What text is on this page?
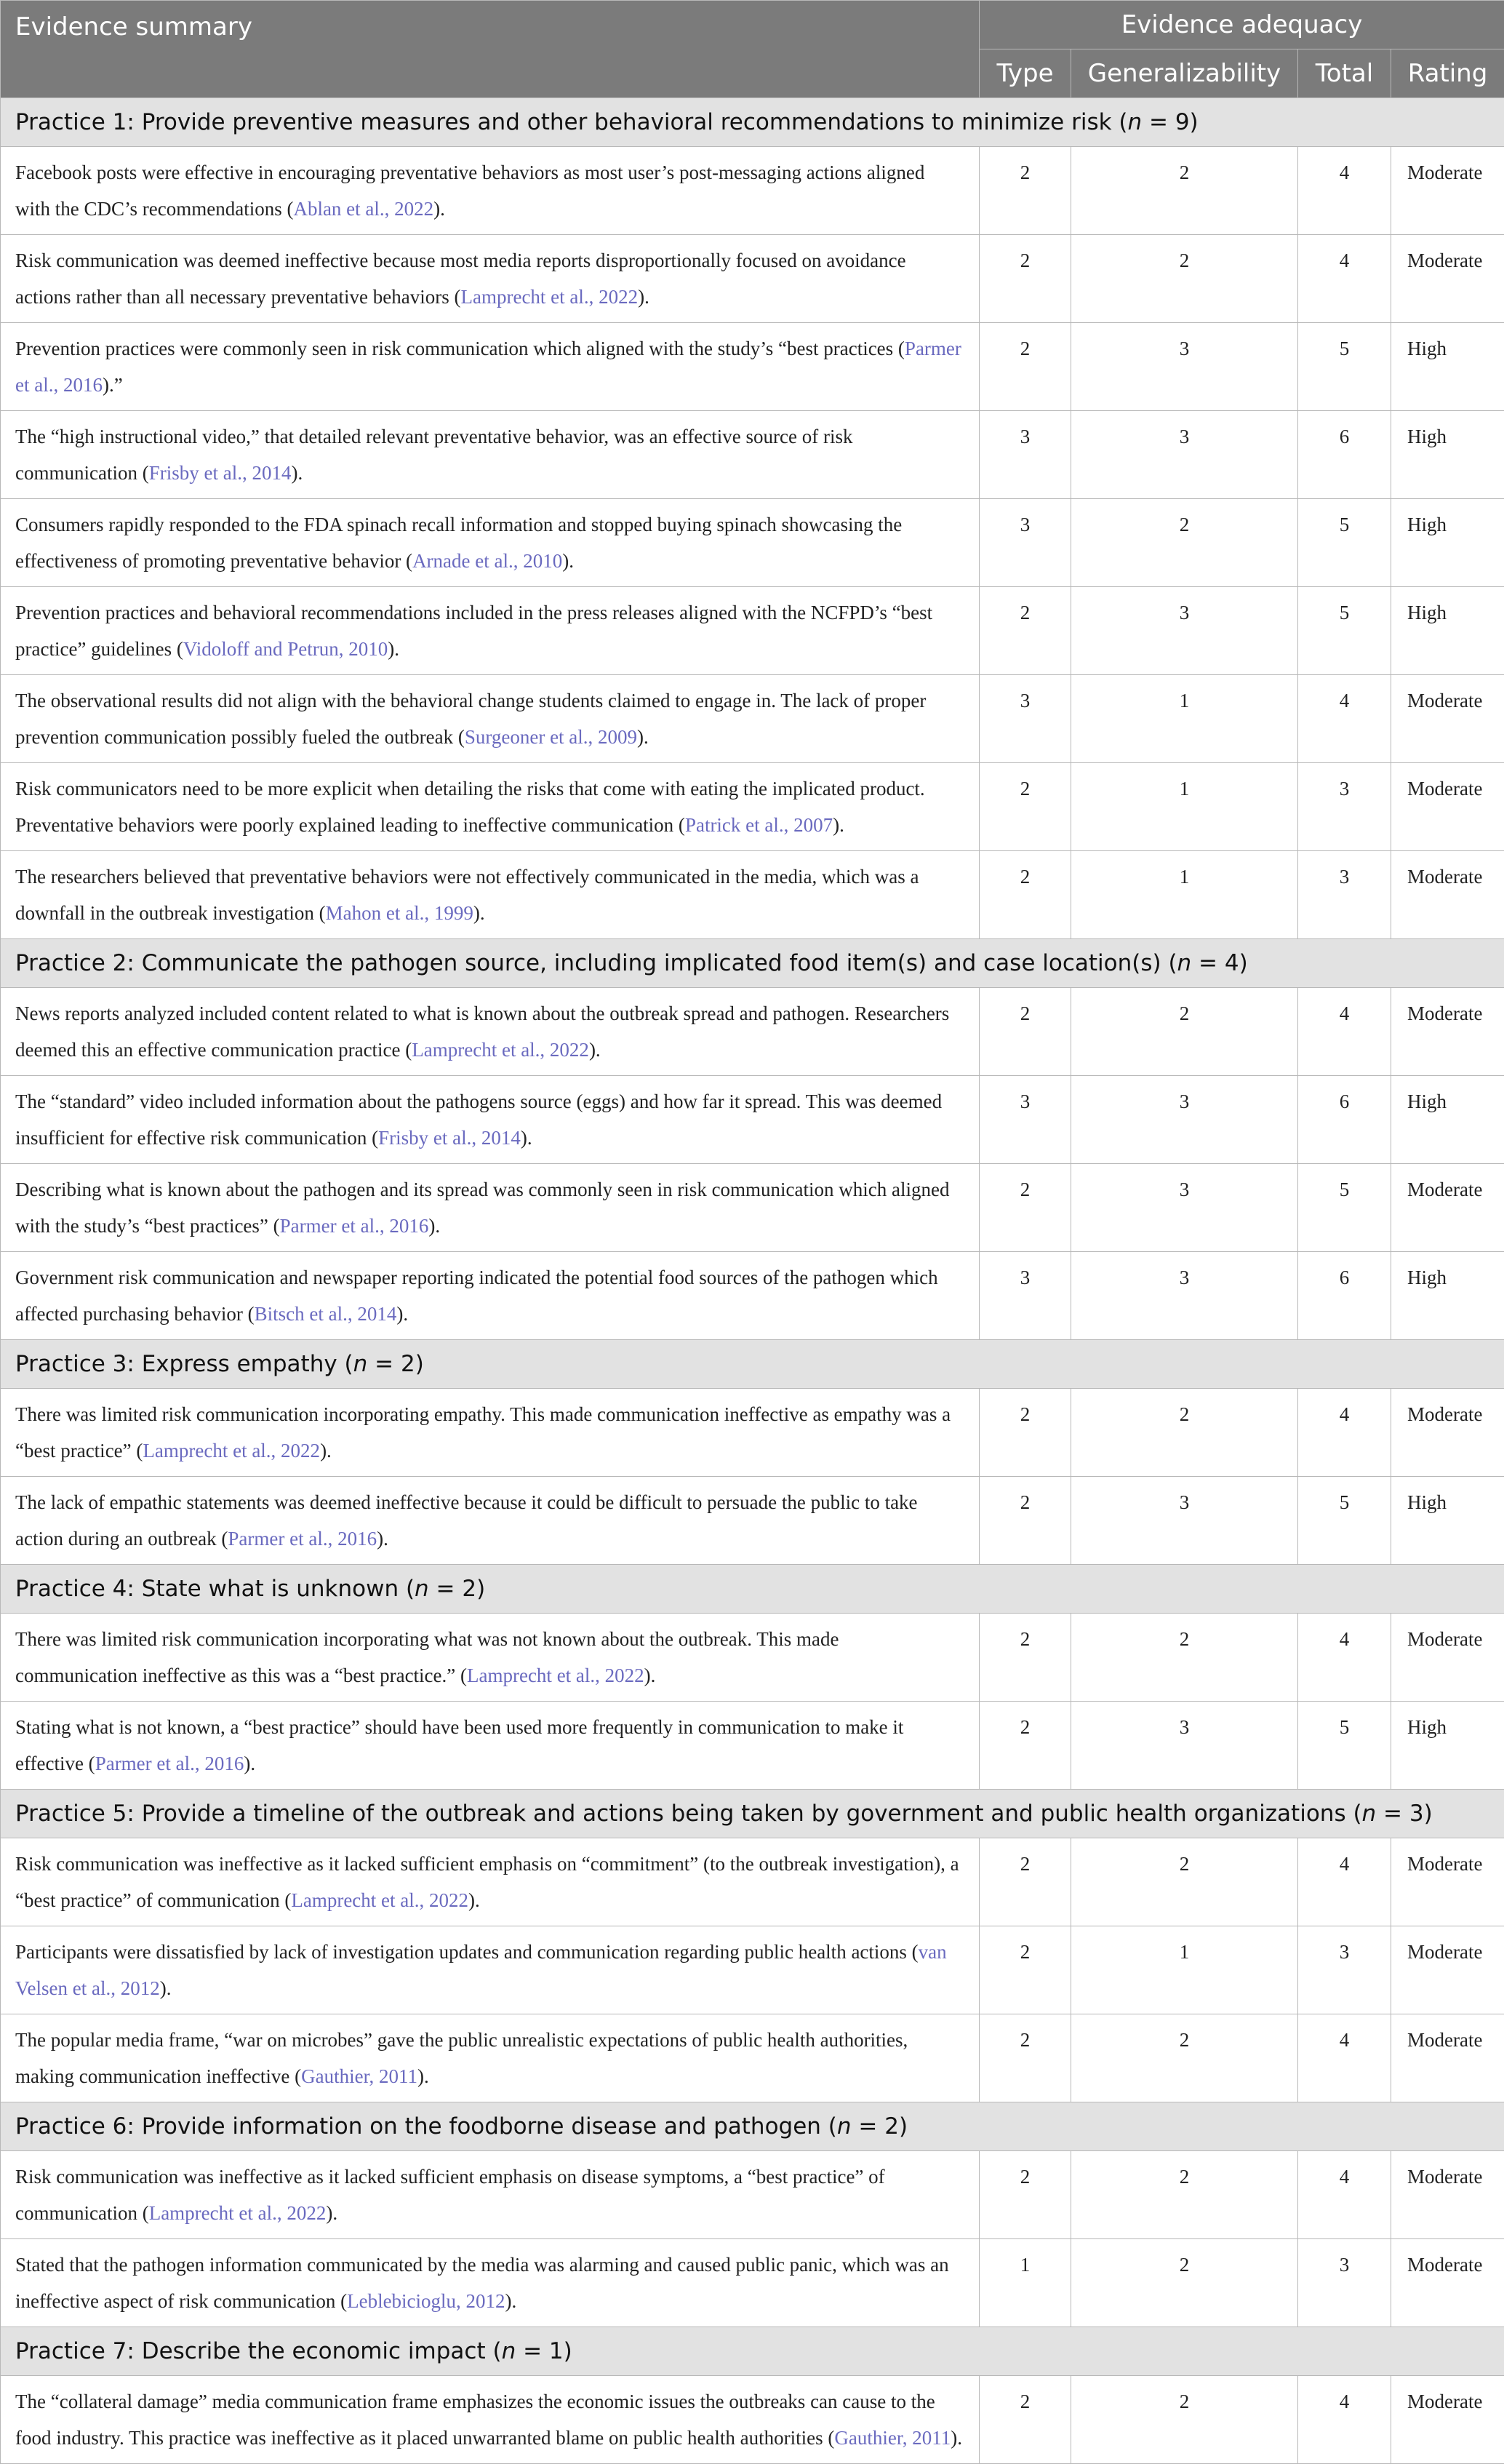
Evidence summary	Evidence adequacy			
	Type	Generalizability	Total	Rating
Practice 1: Provide preventive measures and other behavioral recommendations to minimize risk (n = 9)				
Facebook posts were effective in encouraging preventative behaviors as most user’s post-messaging actions aligned with the CDC’s recommendations (Ablan et al., 2022).	2	2	4	Moderate
Risk communication was deemed ineffective because most media reports disproportionally focused on avoidance actions rather than all necessary preventative behaviors (Lamprecht et al., 2022).	2	2	4	Moderate
Prevention practices were commonly seen in risk communication which aligned with the study’s “best practices (Parmer et al., 2016).”	2	3	5	High
The “high instructional video,” that detailed relevant preventative behavior, was an effective source of risk communication (Frisby et al., 2014).	3	3	6	High
Consumers rapidly responded to the FDA spinach recall information and stopped buying spinach showcasing the effectiveness of promoting preventative behavior (Arnade et al., 2010).	3	2	5	High
Prevention practices and behavioral recommendations included in the press releases aligned with the NCFPD’s “best practice” guidelines (Vidoloff and Petrun, 2010).	2	3	5	High
The observational results did not align with the behavioral change students claimed to engage in. The lack of proper prevention communication possibly fueled the outbreak (Surgeoner et al., 2009).	3	1	4	Moderate
Risk communicators need to be more explicit when detailing the risks that come with eating the implicated product. Preventative behaviors were poorly explained leading to ineffective communication (Patrick et al., 2007).	2	1	3	Moderate
The researchers believed that preventative behaviors were not effectively communicated in the media, which was a downfall in the outbreak investigation (Mahon et al., 1999).	2	1	3	Moderate
Practice 2: Communicate the pathogen source, including implicated food item(s) and case location(s) (n = 4)				
News reports analyzed included content related to what is known about the outbreak spread and pathogen. Researchers deemed this an effective communication practice (Lamprecht et al., 2022).	2	2	4	Moderate
The “standard” video included information about the pathogens source (eggs) and how far it spread. This was deemed insufficient for effective risk communication (Frisby et al., 2014).	3	3	6	High
Describing what is known about the pathogen and its spread was commonly seen in risk communication which aligned with the study’s “best practices” (Parmer et al., 2016).	2	3	5	Moderate
Government risk communication and newspaper reporting indicated the potential food sources of the pathogen which affected purchasing behavior (Bitsch et al., 2014).	3	3	6	High
Practice 3: Express empathy (n = 2)				
There was limited risk communication incorporating empathy. This made communication ineffective as empathy was a “best practice” (Lamprecht et al., 2022).	2	2	4	Moderate
The lack of empathic statements was deemed ineffective because it could be difficult to persuade the public to take action during an outbreak (Parmer et al., 2016).	2	3	5	High
Practice 4: State what is unknown (n = 2)				
There was limited risk communication incorporating what was not known about the outbreak. This made communication ineffective as this was a “best practice.” (Lamprecht et al., 2022).	2	2	4	Moderate
Stating what is not known, a “best practice” should have been used more frequently in communication to make it effective (Parmer et al., 2016).	2	3	5	High
Practice 5: Provide a timeline of the outbreak and actions being taken by government and public health organizations (n = 3)				
Risk communication was ineffective as it lacked sufficient emphasis on “commitment” (to the outbreak investigation), a “best practice” of communication (Lamprecht et al., 2022).	2	2	4	Moderate
Participants were dissatisfied by lack of investigation updates and communication regarding public health actions (van Velsen et al., 2012).	2	1	3	Moderate
The popular media frame, “war on microbes” gave the public unrealistic expectations of public health authorities, making communication ineffective (Gauthier, 2011).	2	2	4	Moderate
Practice 6: Provide information on the foodborne disease and pathogen (n = 2)				
Risk communication was ineffective as it lacked sufficient emphasis on disease symptoms, a “best practice” of communication (Lamprecht et al., 2022).	2	2	4	Moderate
Stated that the pathogen information communicated by the media was alarming and caused public panic, which was an ineffective aspect of risk communication (Leblebicioglu, 2012).	1	2	3	Moderate
Practice 7: Describe the economic impact (n = 1)				
The “collateral damage” media communication frame emphasizes the economic issues the outbreaks can cause to the food industry. This practice was ineffective as it placed unwarranted blame on public health authorities (Gauthier, 2011).	2	2	4	Moderate
